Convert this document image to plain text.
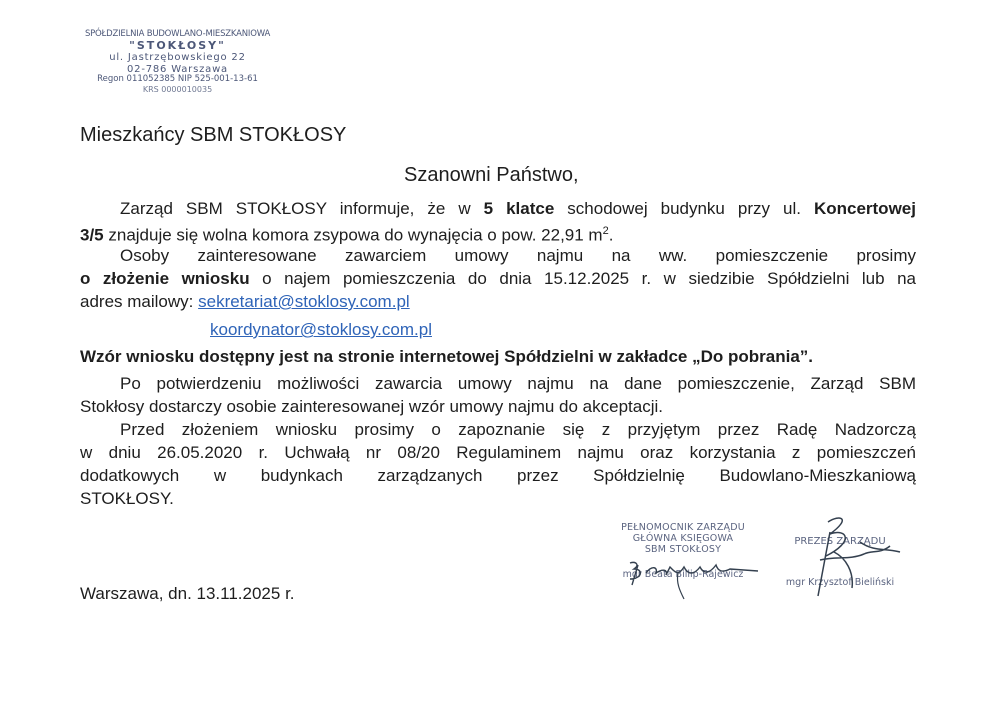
SPÓŁDZIELNIA BUDOWLANO-MIESZKANIOWA
"STOKŁOSY"
ul. Jastrzębowskiego 22
02-786 Warszawa
Regon 011052385 NIP 525-001-13-61
KRS 0000010035
Mieszkańcy SBM STOKŁOSY
Szanowni Państwo,
Zarząd SBM STOKŁOSY informuje, że w 5 klatce schodowej budynku przy ul. Koncertowej
3/5 znajduje się wolna komora zsypowa do wynajęcia o pow. 22,91 $m^2$.
Osoby zainteresowane zawarciem umowy najmu na ww. pomieszczenie prosimy
o złożenie wniosku o najem pomieszczenia do dnia 15.12.2025 r. w siedzibie Spółdzielni lub na
adres mailowy: sekretariat@stoklosy.com.pl
koordynator@stoklosy.com.pl
Wzór wniosku dostępny jest na stronie internetowej Spółdzielni w zakładce „Do pobrania”.
Po potwierdzeniu możliwości zawarcia umowy najmu na dane pomieszczenie, Zarząd SBM
Stokłosy dostarczy osobie zainteresowanej wzór umowy najmu do akceptacji.
Przed złożeniem wniosku prosimy o zapoznanie się z przyjętym przez Radę Nadzorczą
w dniu 26.05.2020 r. Uchwałą nr 08/20 Regulaminem najmu oraz korzystania z pomieszczeń
dodatkowych w budynkach zarządzanych przez Spółdzielnię Budowlano-Mieszkaniową
STOKŁOSY.
Warszawa, dn. 13.11.2025 r.
PEŁNOMOCNIK ZARZĄDU
GŁÓWNA KSIĘGOWA
SBM STOKŁOSY
mgr Beata Billip-Rajewicz
PREZES ZARZĄDU
mgr Krzysztof Bieliński
